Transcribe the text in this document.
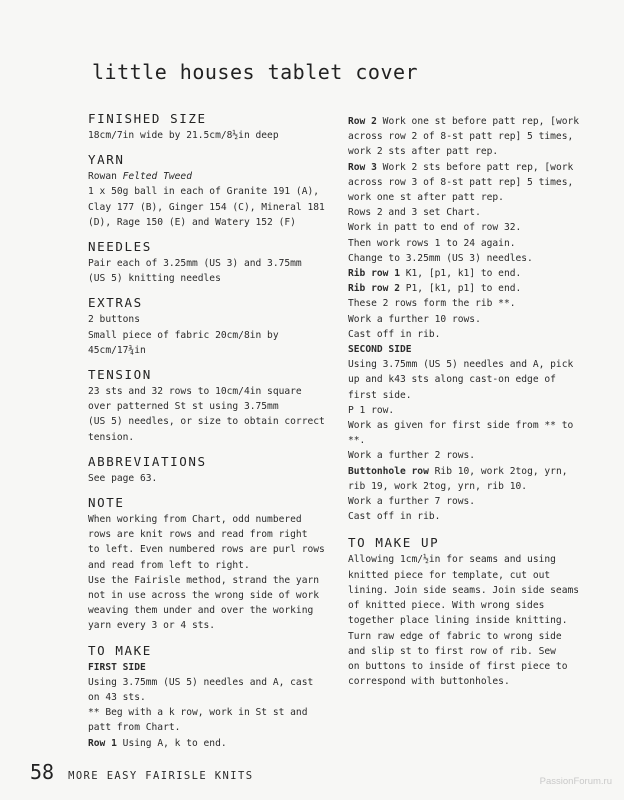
little houses tablet cover
FINISHED SIZE
18cm/7in wide by 21.5cm/8½in deep
YARN
Rowan Felted Tweed
1 x 50g ball in each of Granite 191 (A),
Clay 177 (B), Ginger 154 (C), Mineral 181
(D), Rage 150 (E) and Watery 152 (F)
NEEDLES
Pair each of 3.25mm (US 3) and 3.75mm
(US 5) knitting needles
EXTRAS
2 buttons
Small piece of fabric 20cm/8in by
45cm/17¾in
TENSION
23 sts and 32 rows to 10cm/4in square
over patterned St st using 3.75mm
(US 5) needles, or size to obtain correct
tension.
ABBREVIATIONS
See page 63.
NOTE
When working from Chart, odd numbered
rows are knit rows and read from right
to left. Even numbered rows are purl rows
and read from left to right.
Use the Fairisle method, strand the yarn
not in use across the wrong side of work
weaving them under and over the working
yarn every 3 or 4 sts.
TO MAKE
FIRST SIDE
Using 3.75mm (US 5) needles and A, cast
on 43 sts.
** Beg with a k row, work in St st and
patt from Chart.
Row 1 Using A, k to end.
Row 2 Work one st before patt rep, [work
across row 2 of 8-st patt rep] 5 times,
work 2 sts after patt rep.
Row 3 Work 2 sts before patt rep, [work
across row 3 of 8-st patt rep] 5 times,
work one st after patt rep.
Rows 2 and 3 set Chart.
Work in patt to end of row 32.
Then work rows 1 to 24 again.
Change to 3.25mm (US 3) needles.
Rib row 1 K1, [p1, k1] to end.
Rib row 2 P1, [k1, p1] to end.
These 2 rows form the rib **.
Work a further 10 rows.
Cast off in rib.
SECOND SIDE
Using 3.75mm (US 5) needles and A, pick
up and k43 sts along cast-on edge of
first side.
P 1 row.
Work as given for first side from ** to
**.
Work a further 2 rows.
Buttonhole row Rib 10, work 2tog, yrn,
rib 19, work 2tog, yrn, rib 10.
Work a further 7 rows.
Cast off in rib.
TO MAKE UP
Allowing 1cm/½in for seams and using
knitted piece for template, cut out
lining. Join side seams. Join side seams
of knitted piece. With wrong sides
together place lining inside knitting.
Turn raw edge of fabric to wrong side
and slip st to first row of rib. Sew
on buttons to inside of first piece to
correspond with buttonholes.
58 MORE EASY FAIRISLE KNITS	PassionForum.ru
